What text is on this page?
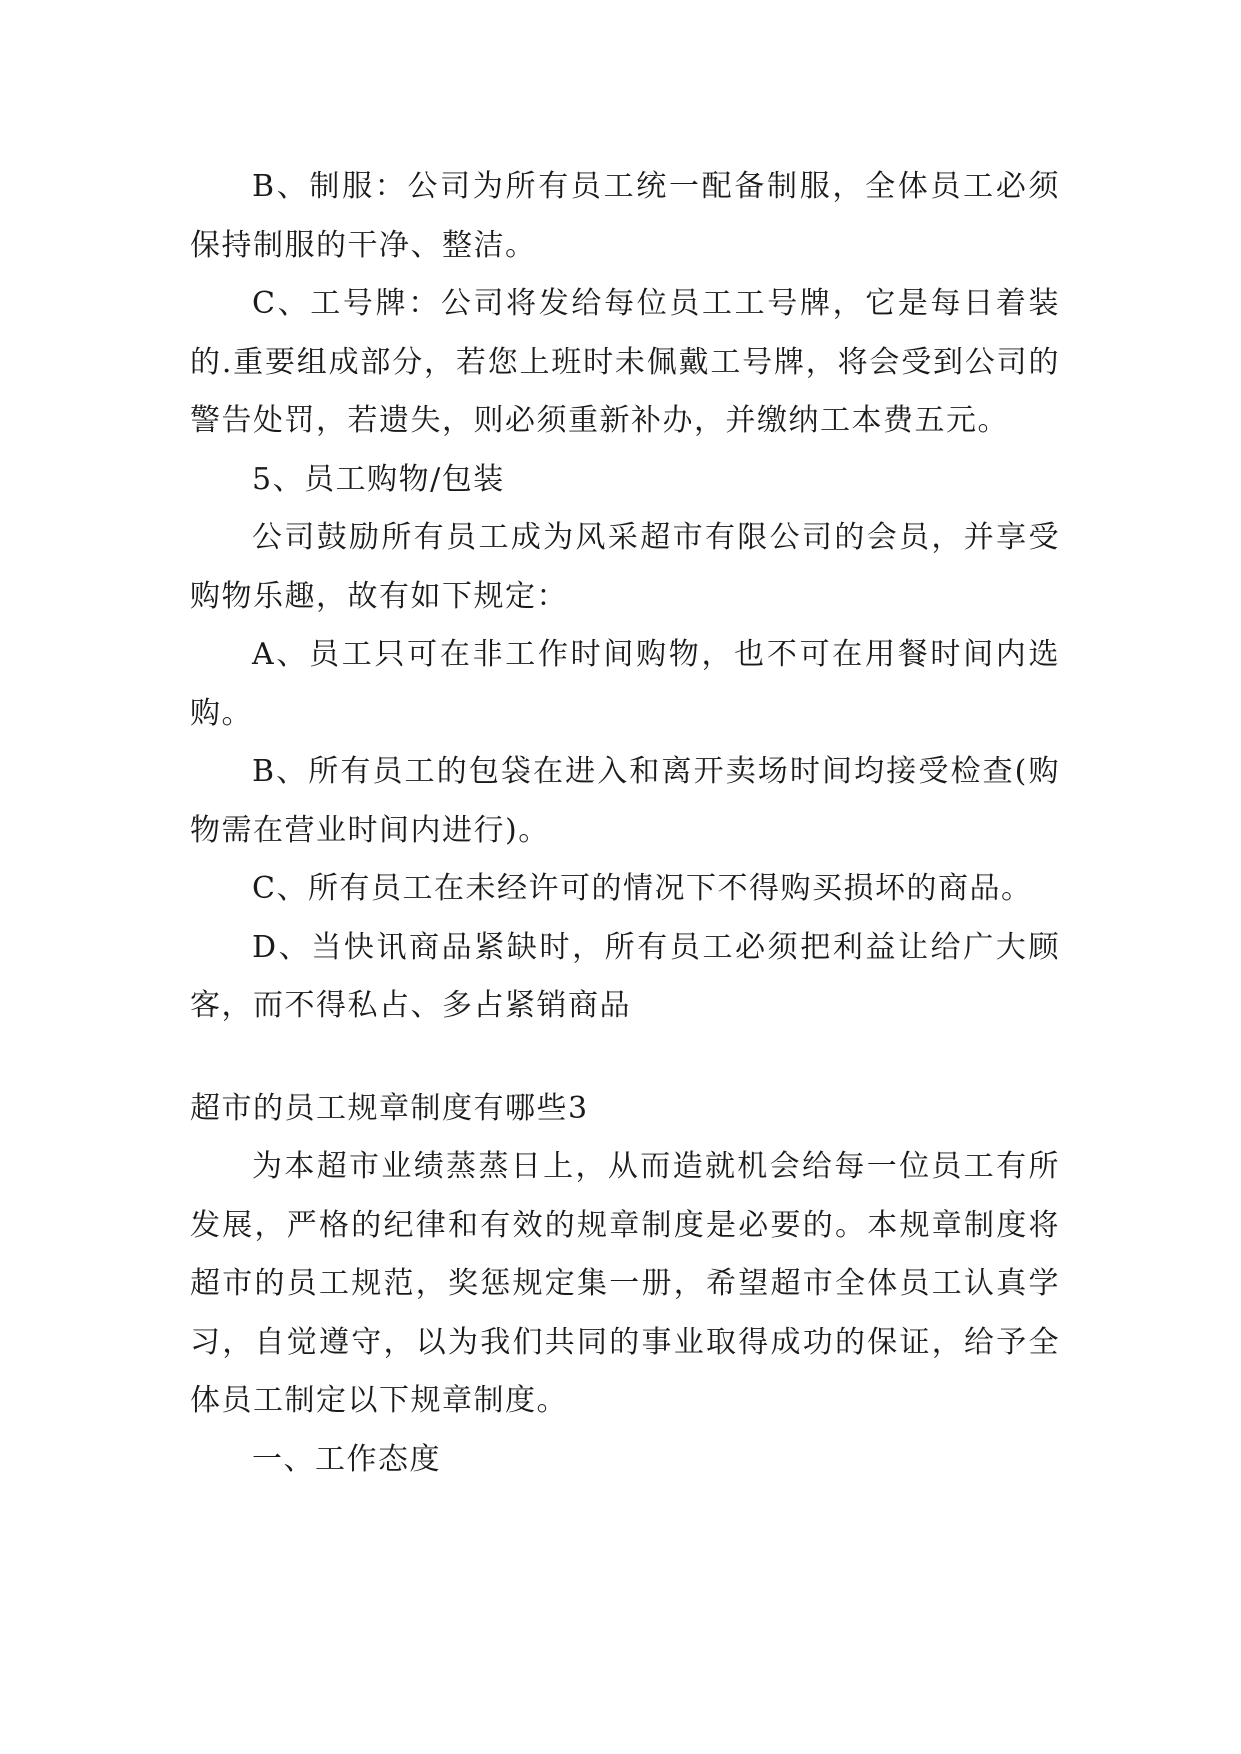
B、制服：公司为所有员工统一配备制服，全体员工必须保持制服的干净、整洁。

C、工号牌：公司将发给每位员工工号牌，它是每日着装的.重要组成部分，若您上班时未佩戴工号牌，将会受到公司的警告处罚，若遗失，则必须重新补办，并缴纳工本费五元。

5、员工购物/包装

公司鼓励所有员工成为风采超市有限公司的会员，并享受购物乐趣，故有如下规定：

A、员工只可在非工作时间购物，也不可在用餐时间内选购。

B、所有员工的包袋在进入和离开卖场时间均接受检查(购物需在营业时间内进行)。

C、所有员工在未经许可的情况下不得购买损坏的商品。

D、当快讯商品紧缺时，所有员工必须把利益让给广大顾客，而不得私占、多占紧销商品

超市的员工规章制度有哪些3

为本超市业绩蒸蒸日上，从而造就机会给每一位员工有所发展，严格的纪律和有效的规章制度是必要的。本规章制度将超市的员工规范，奖惩规定集一册，希望超市全体员工认真学习，自觉遵守，以为我们共同的事业取得成功的保证，给予全体员工制定以下规章制度。

一、工作态度
